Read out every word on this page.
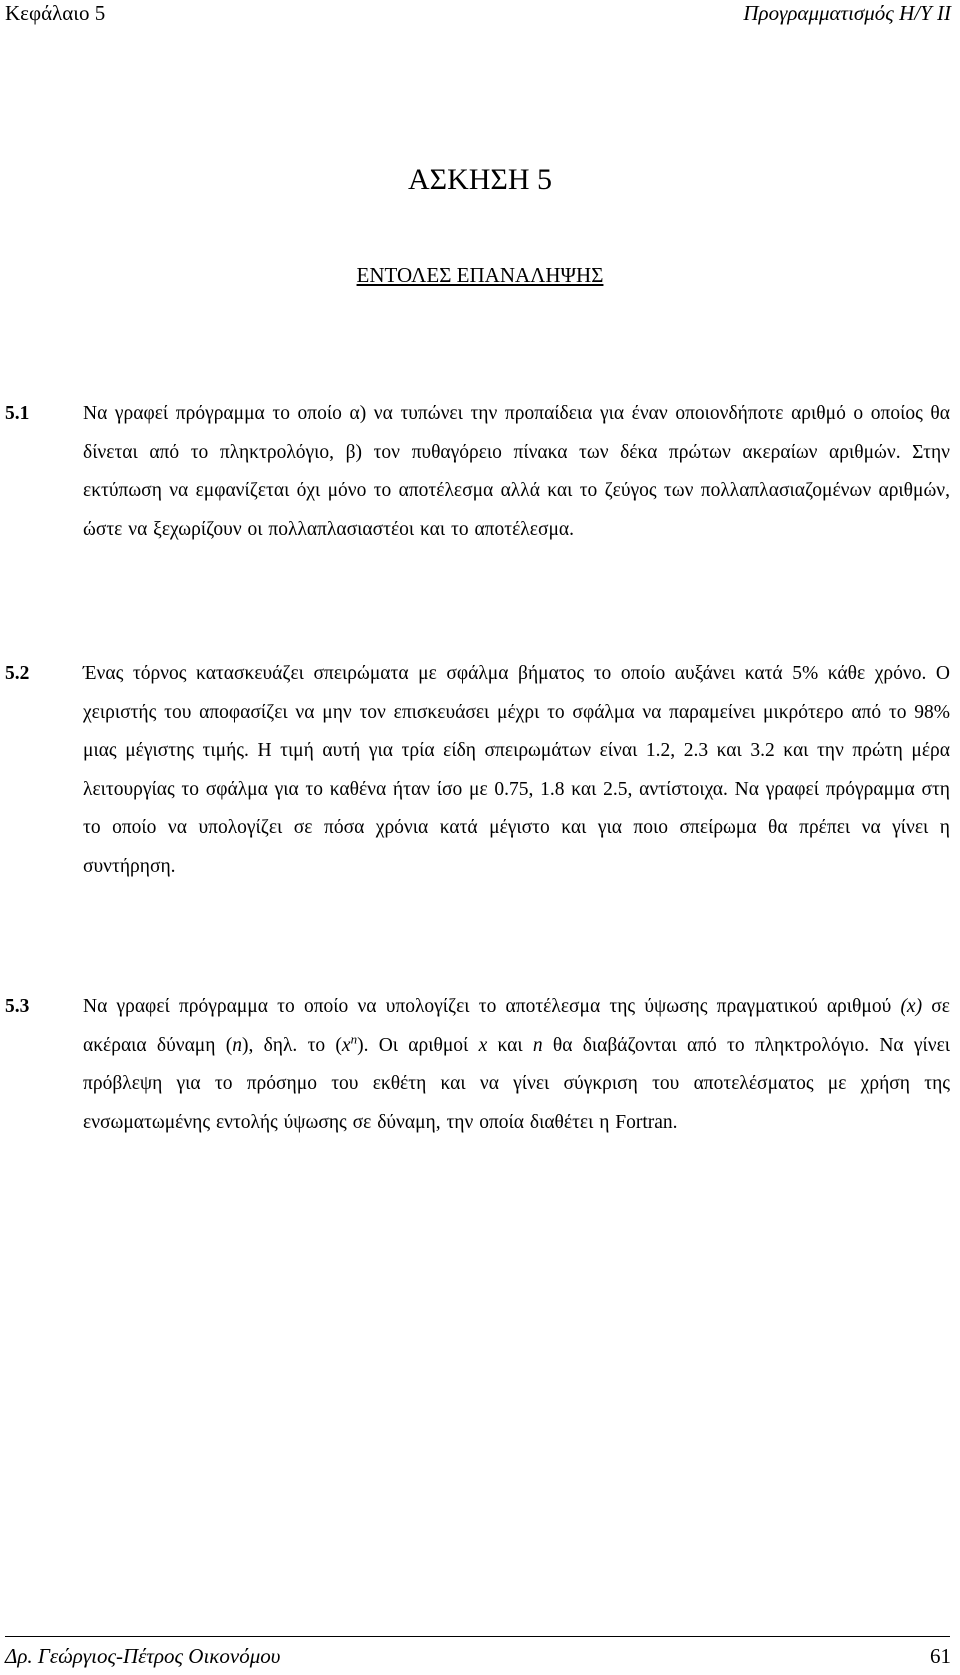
Κεφάλαιο 5	Προγραμματισμός Η/Υ ΙΙ
ΑΣΚΗΣΗ 5
ΕΝΤΟΛΕΣ ΕΠΑΝΑΛΗΨΗΣ
5.1	Να γραφεί πρόγραμμα το οποίο α) να τυπώνει την προπαίδεια για έναν οποιονδήποτε αριθμό ο οποίος θα δίνεται από το πληκτρολόγιο, β) τον πυθαγόρειο πίνακα των δέκα πρώτων ακεραίων αριθμών. Στην εκτύπωση να εμφανίζεται όχι μόνο το αποτέλεσμα αλλά και το ζεύγος των πολλαπλασιαζομένων αριθμών, ώστε να ξεχωρίζουν οι πολλαπλασιαστέοι και το αποτέλεσμα.
5.2	Ένας τόρνος κατασκευάζει σπειρώματα με σφάλμα βήματος το οποίο αυξάνει κατά 5% κάθε χρόνο. Ο χειριστής του αποφασίζει να μην τον επισκευάσει μέχρι το σφάλμα να παραμείνει μικρότερο από το 98% μιας μέγιστης τιμής. Η τιμή αυτή για τρία είδη σπειρωμάτων είναι 1.2, 2.3 και 3.2 και την πρώτη μέρα λειτουργίας το σφάλμα για το καθένα ήταν ίσο με 0.75, 1.8 και 2.5, αντίστοιχα. Να γραφεί πρόγραμμα στη το οποίο να υπολογίζει σε πόσα χρόνια κατά μέγιστο και για ποιο σπείρωμα θα πρέπει να γίνει η συντήρηση.
5.3	Να γραφεί πρόγραμμα το οποίο να υπολογίζει το αποτέλεσμα της ύψωσης πραγματικού αριθμού (x) σε ακέραια δύναμη (n), δηλ. το $(x^n)$. Οι αριθμοί x και n θα διαβάζονται από το πληκτρολόγιο. Να γίνει πρόβλεψη για το πρόσημο του εκθέτη και να γίνει σύγκριση του αποτελέσματος με χρήση της ενσωματωμένης εντολής ύψωσης σε δύναμη, την οποία διαθέτει η Fortran.
Δρ. Γεώργιος-Πέτρος Οικονόμου	61
